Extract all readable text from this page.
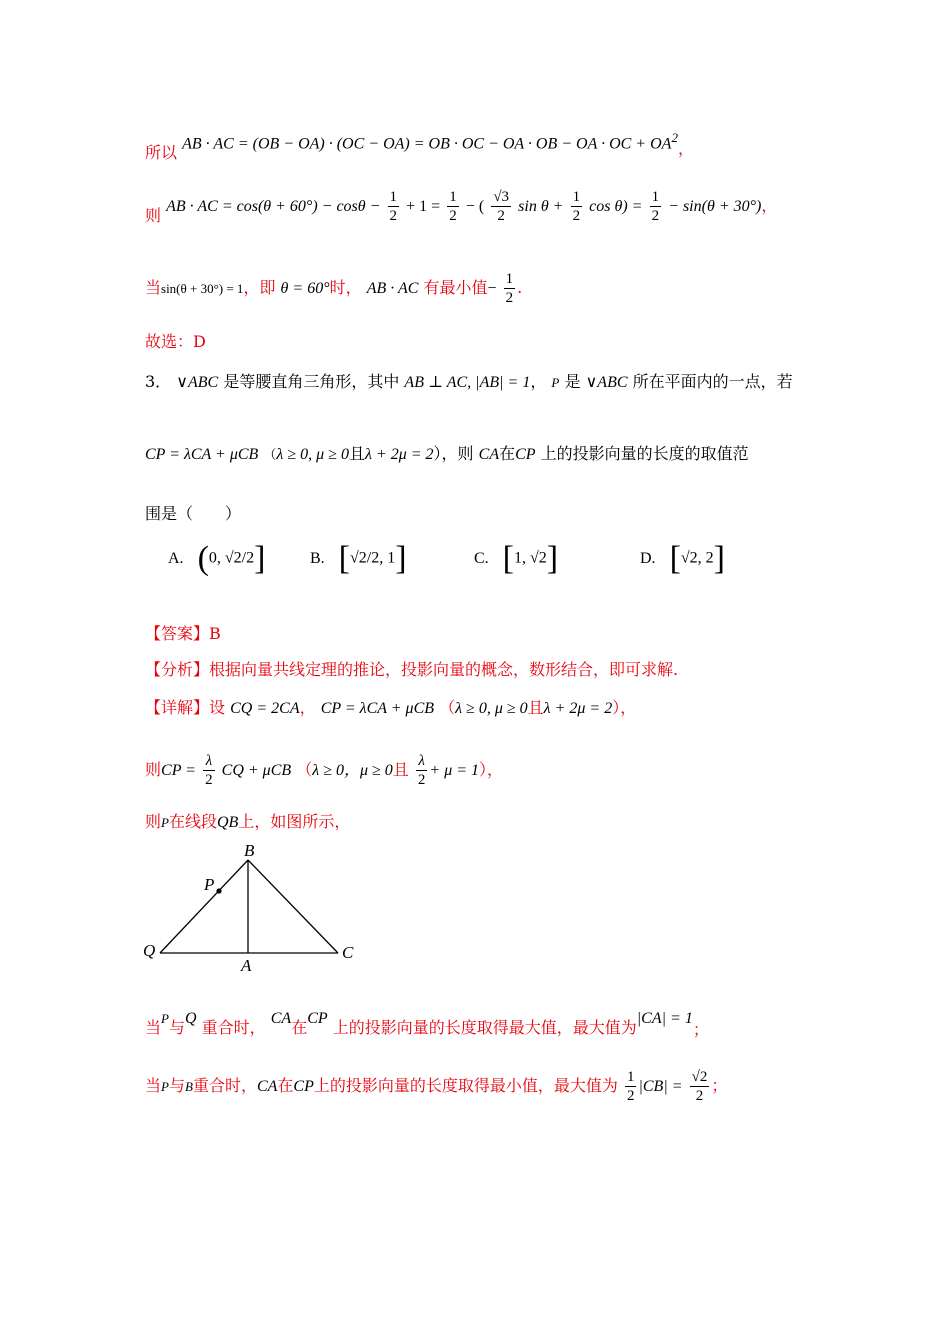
所以 AB · AC = (OB − OA) · (OC − OA) = OB · OC − OA · OB − OA · OC + $OA^2$，
则 AB · AC = $\cos(\theta + 60^\circ) - \cos\theta - \frac{1}{2} + 1 = \frac{1}{2}$ − ( $\frac{√3}{2}$ $\sin \theta + \frac{1}{2}$ $\cos \theta) = \frac{1}{2} - \sin(\theta + 30^\circ)$，
当sin(θ + 30°) = 1，即 θ = 60°时， AB · AC 有最小值− $\frac{1}{2}$ .
故选：D
3． ∨ABC 是等腰直角三角形，其中 AB ⊥ AC, |AB| = 1， P 是 ∨ABC 所在平面内的一点，若
CP = λCA + μCB （λ ≥ 0, μ ≥ 0且λ + 2μ = 2），则 CA在CP 上的投影向量的长度的取值范
围是（　　）
A. (0, √2/2]	B. [√2/2, 1]	C. [1, √2]	D. [√2, 2]
【答案】B
【分析】根据向量共线定理的推论，投影向量的概念，数形结合，即可求解.
【详解】设 CQ = 2CA， CP = λCA + μCB （λ ≥ 0, μ ≥ 0且λ + 2μ = 2），
则CP = $\frac{\lambda}{2}$ CQ + μCB （λ ≥ 0，μ ≥ 0且 $\frac{\lambda}{2} + \mu = 1$），
则P在线段QB上，如图所示，
B
P
Q
A
C
当P与Q 重合时， CA在CP 上的投影向量的长度取得最大值，最大值为|CA| = 1；
当P与B重合时，CA在CP上的投影向量的长度取得最小值，最大值为 $\frac{1}{2} |CB| = \frac{√2}{2}$ ；
